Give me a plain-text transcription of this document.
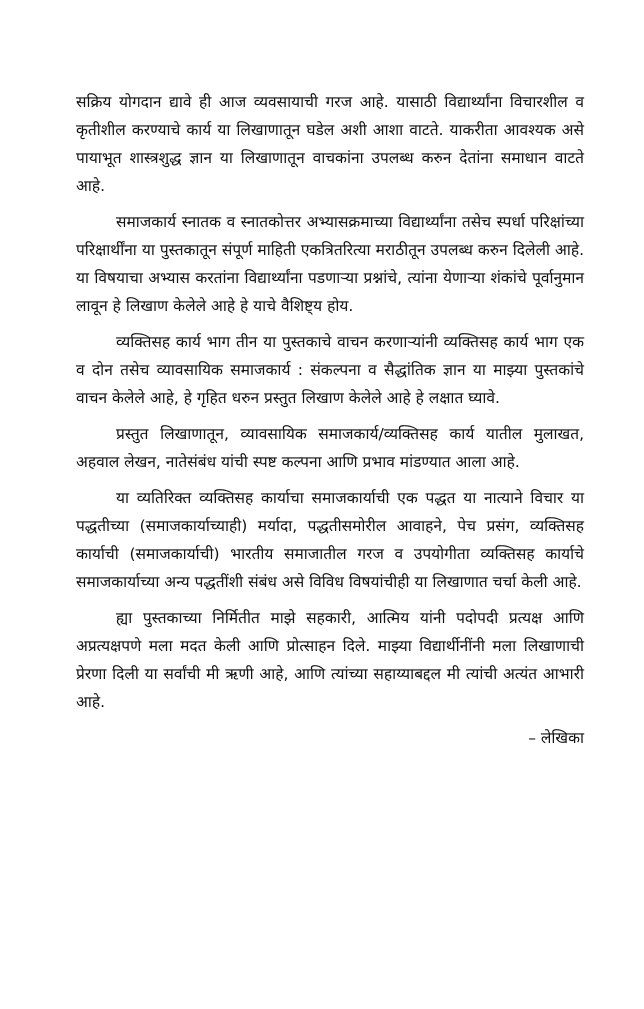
सक्रिय योगदान द्यावे ही आज व्यवसायाची गरज आहे. यासाठी विद्यार्थ्यांना विचारशील व कृतीशील करण्याचे कार्य या लिखाणातून घडेल अशी आशा वाटते. याकरीता आवश्यक असे पायाभूत शास्त्रशुद्ध ज्ञान या लिखाणातून वाचकांना उपलब्ध करुन देतांना समाधान वाटते आहे.

समाजकार्य स्नातक व स्नातकोत्तर अभ्यासक्रमाच्या विद्यार्थ्यांना तसेच स्पर्धा परिक्षांच्या परिक्षार्थींना या पुस्तकातून संपूर्ण माहिती एकत्रितरित्या मराठीतून उपलब्ध करुन दिलेली आहे. या विषयाचा अभ्यास करतांना विद्यार्थ्यांना पडणाऱ्या प्रश्नांचे, त्यांना येणाऱ्या शंकांचे पूर्वानुमान लावून हे लिखाण केलेले आहे हे याचे वैशिष्ट्य होय.

व्यक्तिसह कार्य भाग तीन या पुस्तकाचे वाचन करणाऱ्यांनी व्यक्तिसह कार्य भाग एक व दोन तसेच व्यावसायिक समाजकार्य : संकल्पना व सैद्धांतिक ज्ञान या माझ्या पुस्तकांचे वाचन केलेले आहे, हे गृहित धरुन प्रस्तुत लिखाण केलेले आहे हे लक्षात घ्यावे.

प्रस्तुत लिखाणातून, व्यावसायिक समाजकार्य/व्यक्तिसह कार्य यातील मुलाखत, अहवाल लेखन, नातेसंबंध यांची स्पष्ट कल्पना आणि प्रभाव मांडण्यात आला आहे.

या व्यतिरिक्त व्यक्तिसह कार्याचा समाजकार्याची एक पद्धत या नात्याने विचार या पद्धतीच्या (समाजकार्याच्याही) मर्यादा, पद्धतीसमोरील आवाहने, पेच प्रसंग, व्यक्तिसह कार्याची (समाजकार्याची) भारतीय समाजातील गरज व उपयोगीता व्यक्तिसह कार्याचे समाजकार्याच्या अन्य पद्धतींशी संबंध असे विविध विषयांचीही या लिखाणात चर्चा केली आहे.

ह्या पुस्तकाच्या निर्मितीत माझे सहकारी, आत्मिय यांनी पदोपदी प्रत्यक्ष आणि अप्रत्यक्षपणे मला मदत केली आणि प्रोत्साहन दिले. माझ्या विद्यार्थीनींनी मला लिखाणाची प्रेरणा दिली या सर्वांची मी ऋणी आहे, आणि त्यांच्या सहाय्याबद्दल मी त्यांची अत्यंत आभारी आहे.

– लेखिका
